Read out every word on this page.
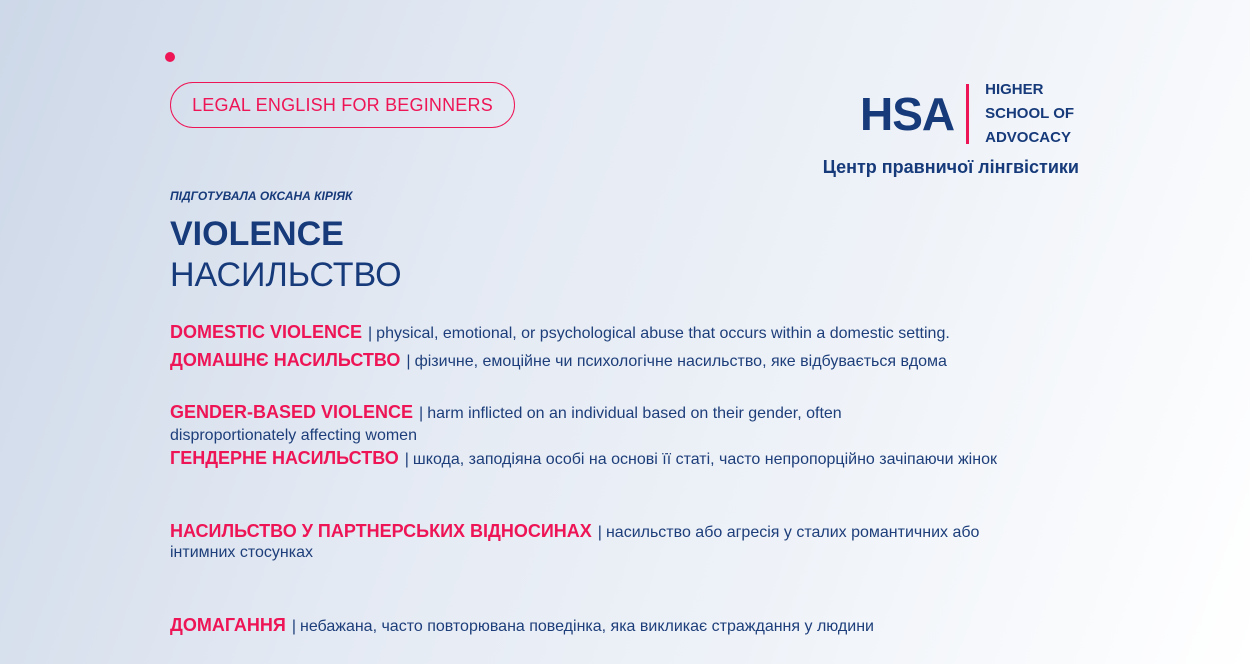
LEGAL ENGLISH FOR BEGINNERS	HSA HIGHER
SCHOOL OF
ADVOCACY
Центр правничої лінгвістики
ПІДГОТУВАЛА ОКСАНА КІРІЯК
VIOLENCE
НАСИЛЬСТВО
DOMESTIC VIOLENCE | physical, emotional, or psychological abuse that occurs within a domestic setting.
ДОМАШНЄ НАСИЛЬСТВО | фізичне, емоційне чи психологічне насильство, яке відбувається вдома
GENDER-BASED VIOLENCE | harm inflicted on an individual based on their gender, often disproportionately affecting women
ГЕНДЕРНЕ НАСИЛЬСТВО | шкода, заподіяна особі на основі її статі, часто непропорційно зачіпаючи жінок
НАСИЛЬСТВО У ПАРТНЕРСЬКИХ ВІДНОСИНАХ | насильство або агресія у сталих романтичних або інтимних стосунках
ДОМАГАННЯ | небажана, часто повторювана поведінка, яка викликає страждання у людини
